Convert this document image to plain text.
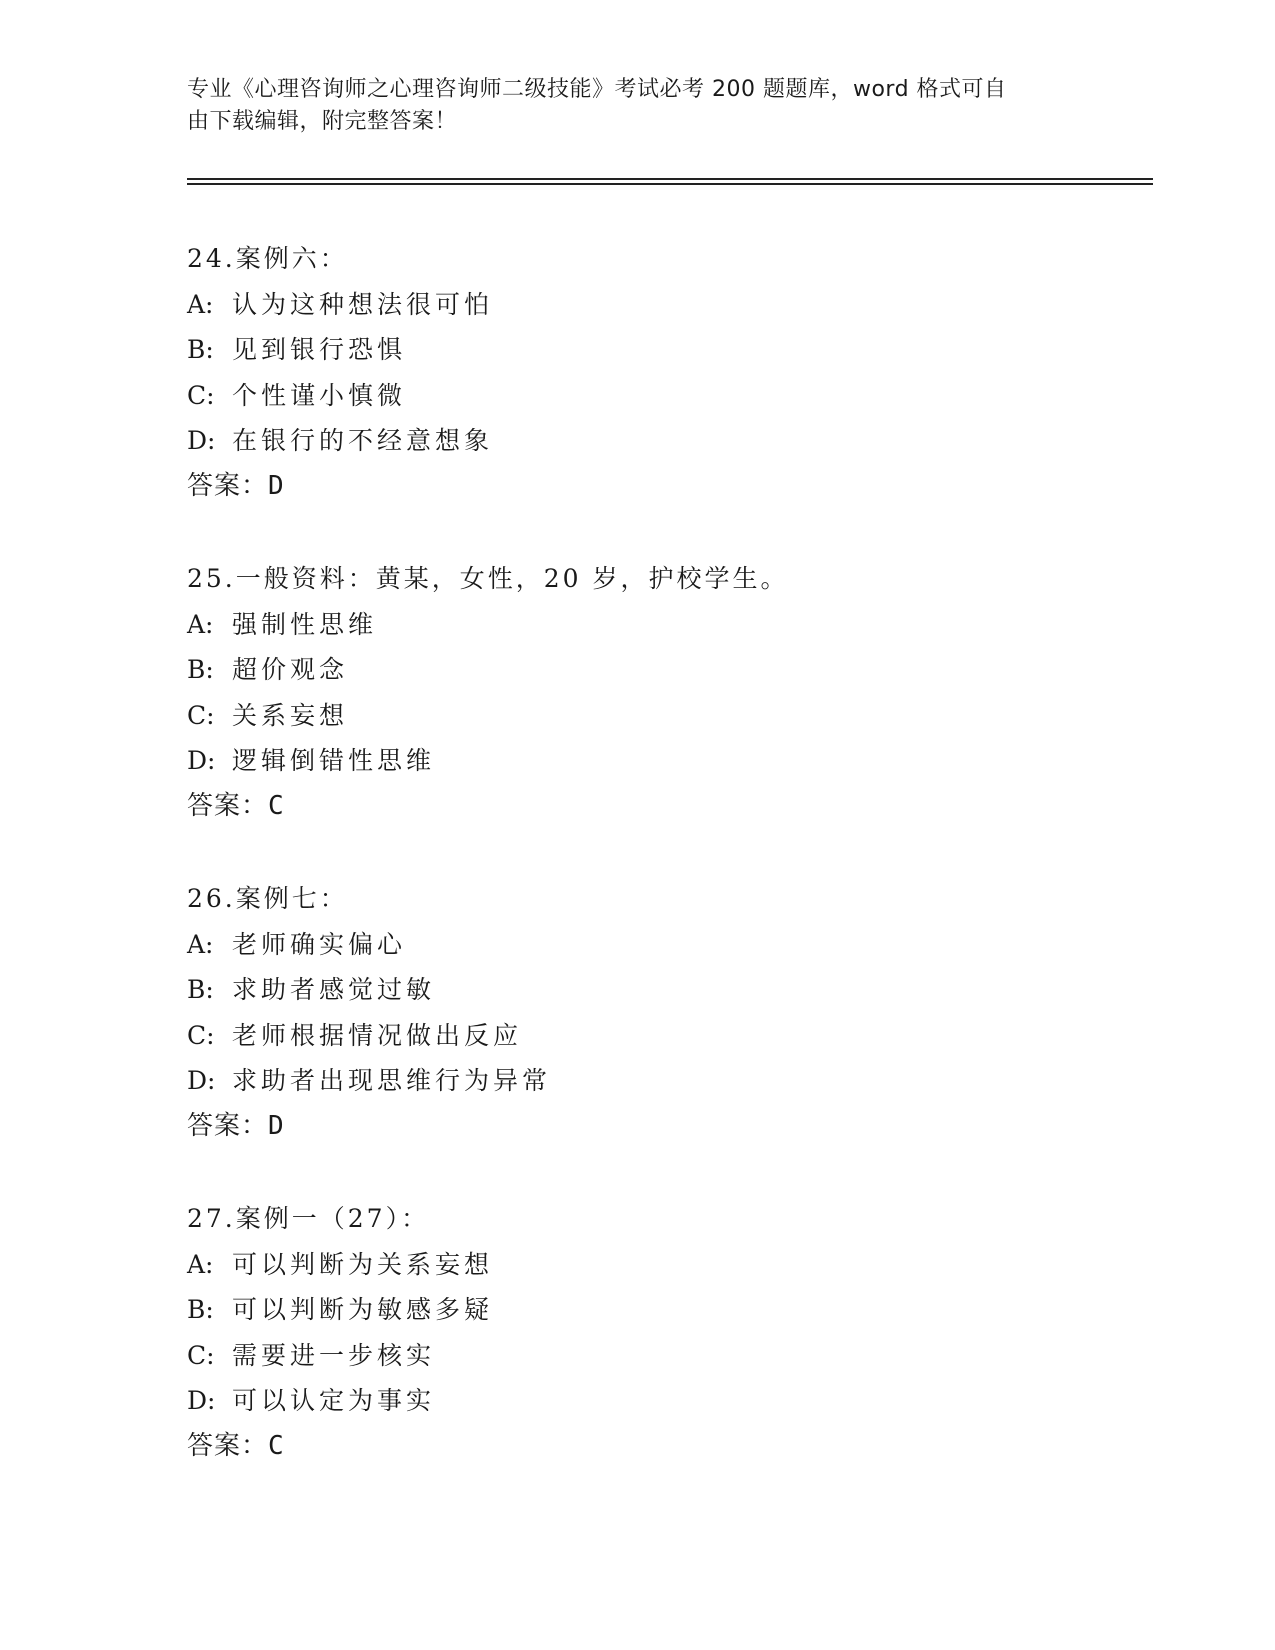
专业《心理咨询师之心理咨询师二级技能》考试必考 200 题题库，word 格式可自
由下载编辑，附完整答案！
24.案例六：
A: 认为这种想法很可怕
B: 见到银行恐惧
C: 个性谨小慎微
D: 在银行的不经意想象
答案：D
25.一般资料：黄某，女性，20 岁，护校学生。
A: 强制性思维
B: 超价观念
C: 关系妄想
D: 逻辑倒错性思维
答案：C
26.案例七：
A: 老师确实偏心
B: 求助者感觉过敏
C: 老师根据情况做出反应
D: 求助者出现思维行为异常
答案：D
27.案例一（27）：
A: 可以判断为关系妄想
B: 可以判断为敏感多疑
C: 需要进一步核实
D: 可以认定为事实
答案：C
